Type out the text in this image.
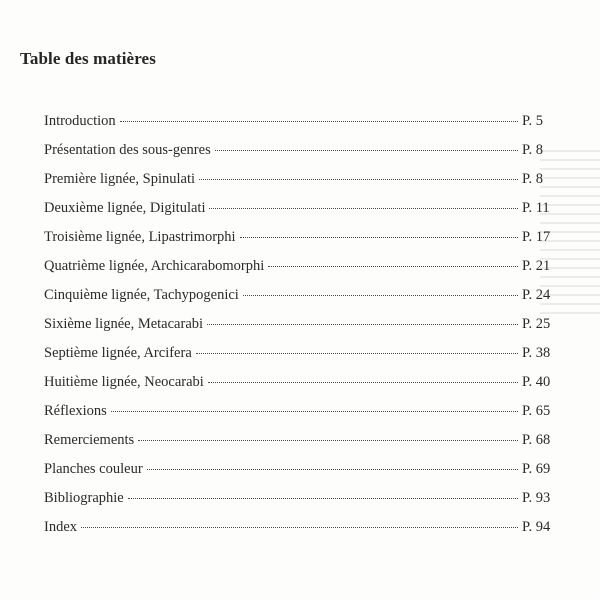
Table des matières
Introduction	P. 5
Présentation des sous-genres	P. 8
Première lignée, Spinulati	P. 8
Deuxième lignée, Digitulati	P. 11
Troisième lignée, Lipastrimorphi	P. 17
Quatrième lignée, Archicarabomorphi	P. 21
Cinquième lignée, Tachypogenici	P. 24
Sixième lignée, Metacarabi	P. 25
Septième lignée, Arcifera	P. 38
Huitième lignée, Neocarabi	P. 40
Réflexions	P. 65
Remerciements	P. 68
Planches couleur	P. 69
Bibliographie	P. 93
Index	P. 94
